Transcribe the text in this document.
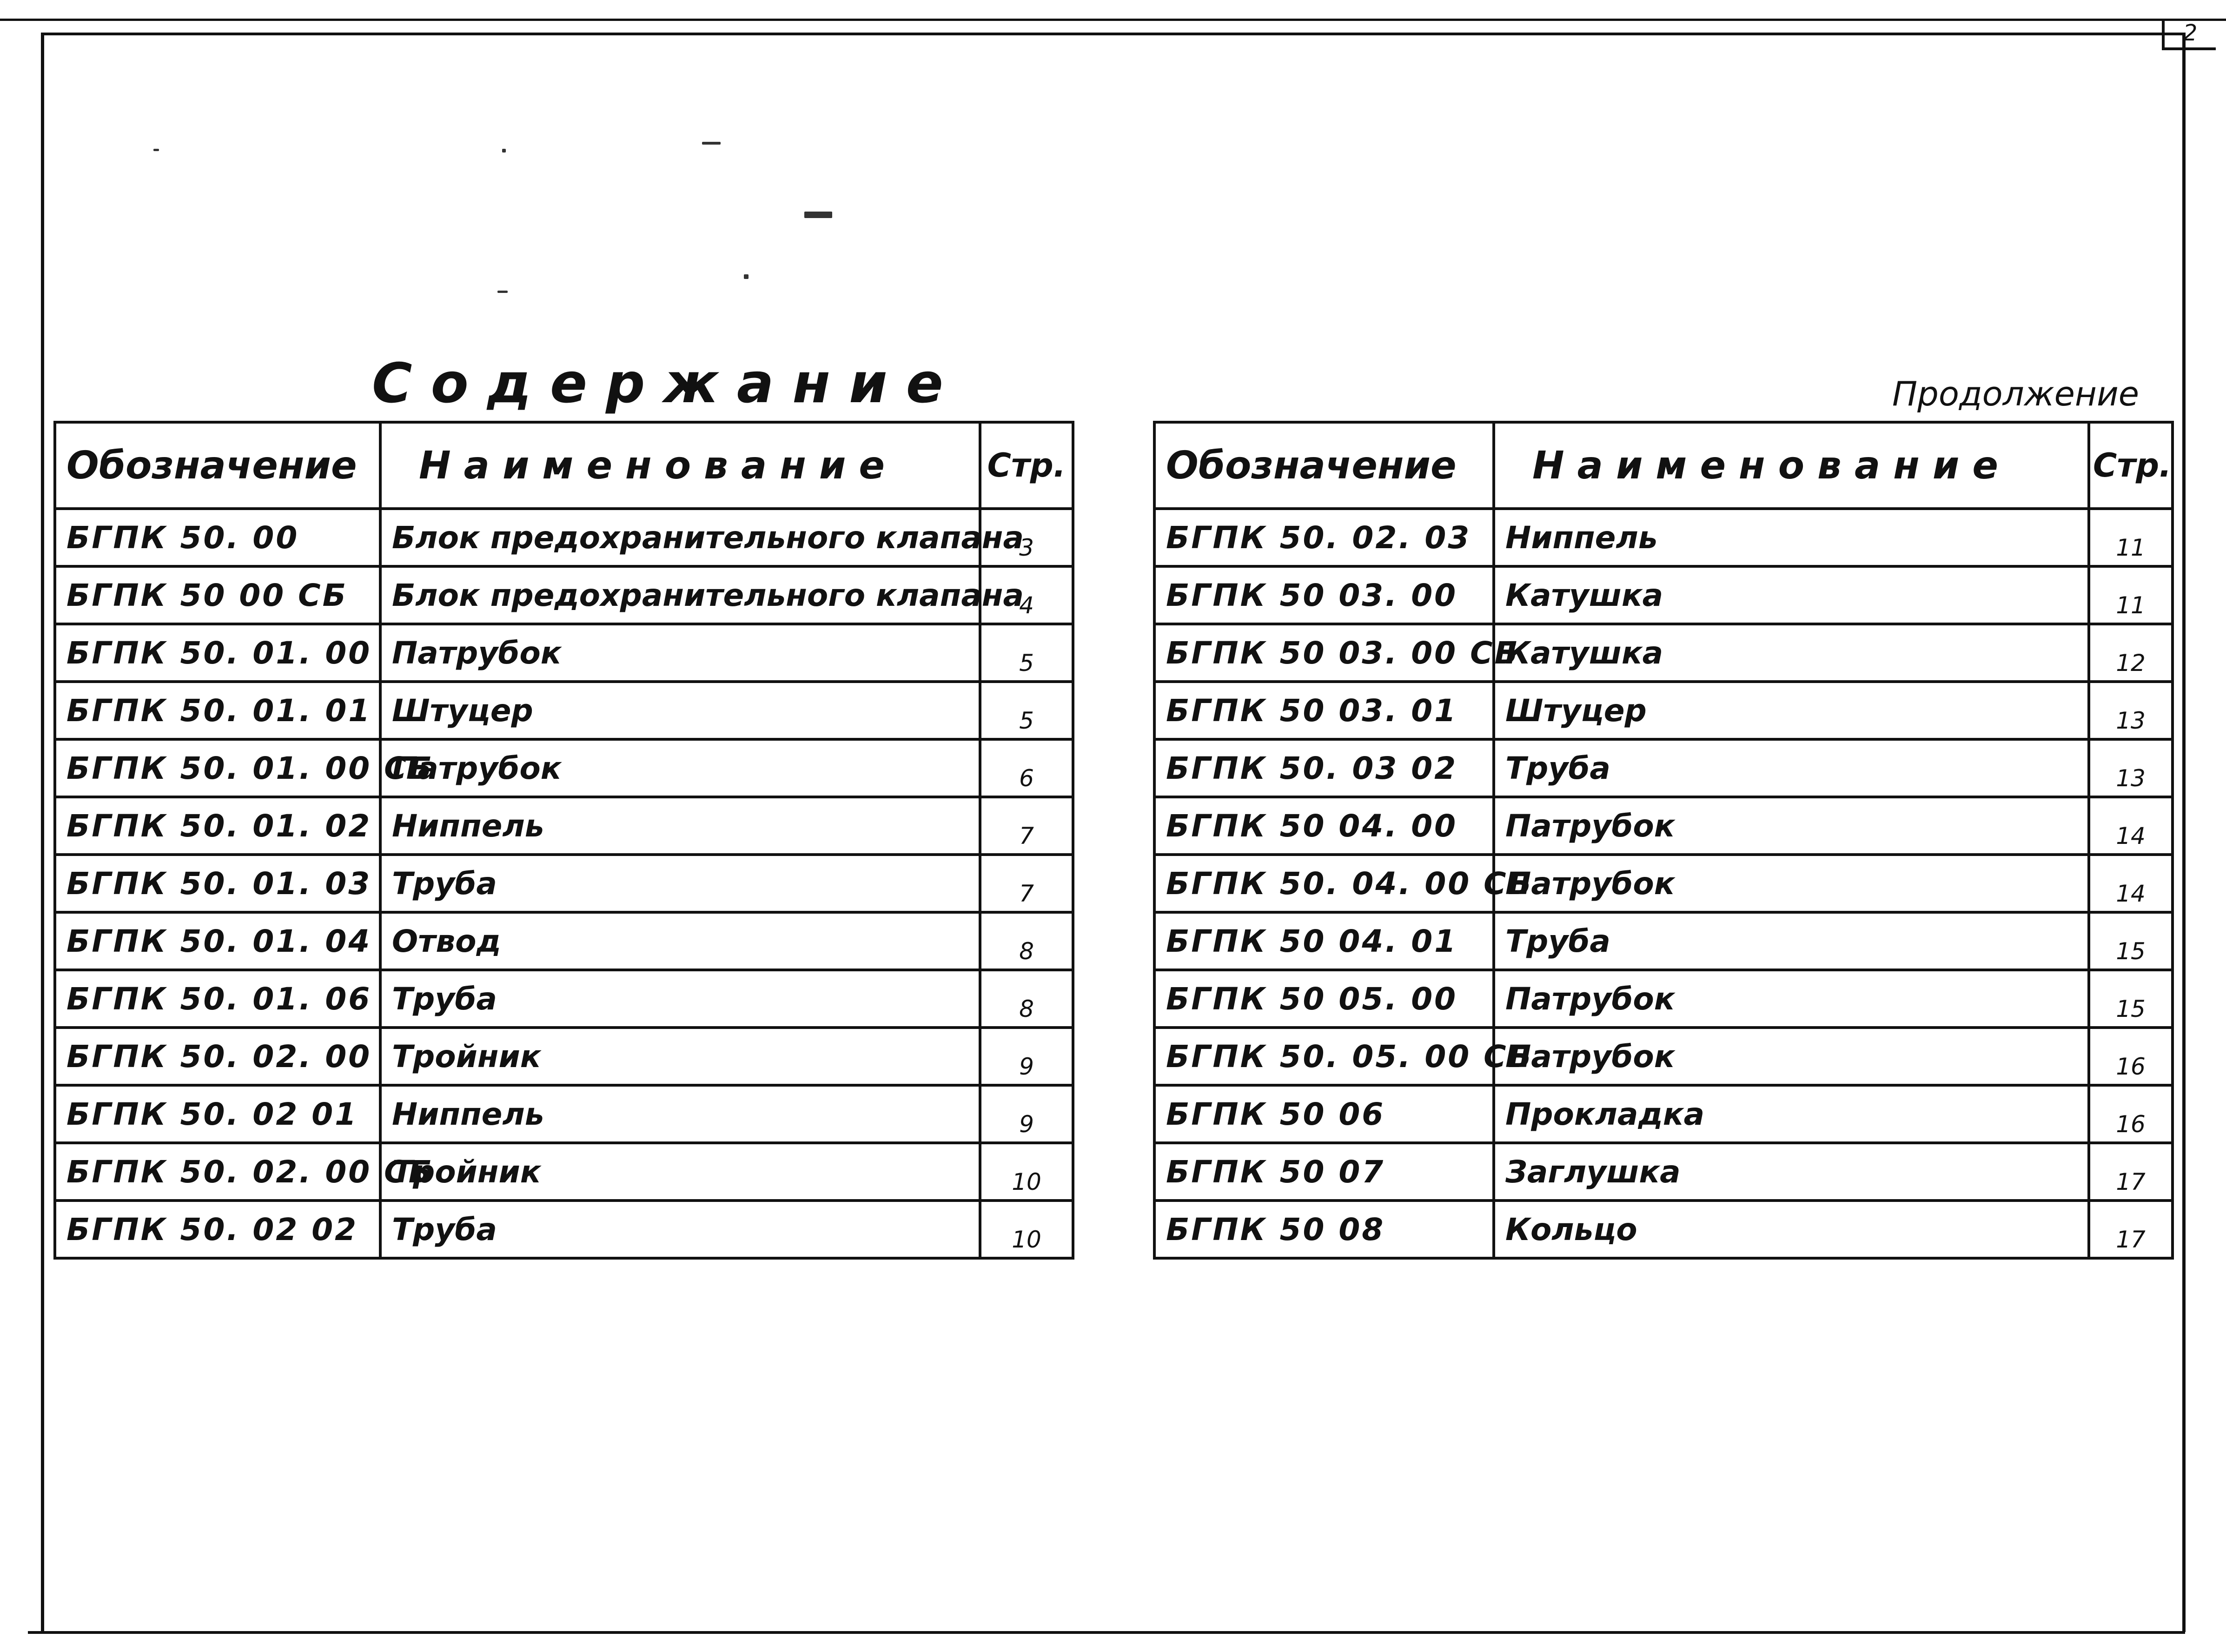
2
Содержание	Продолжение
Обозначение	Наименование	Стр.
БГПК 50. 00	Блок предохранительного клапана	3
БГПК 50 00 СБ	Блок предохранительного клапана	4
БГПК 50. 01. 00	Патрубок	5
БГПК 50. 01. 01	Штуцер	5
БГПК 50. 01. 00 СБ	Патрубок	6
БГПК 50. 01. 02	Ниппель	7
БГПК 50. 01. 03	Труба	7
БГПК 50. 01. 04	Отвод	8
БГПК 50. 01. 06	Труба	8
БГПК 50. 02. 00	Тройник	9
БГПК 50. 02 01	Ниппель	9
БГПК 50. 02. 00 СБ	Тройник	10
БГПК 50. 02 02	Труба	10
Обозначение	Наименование	Стр.
БГПК 50. 02. 03	Ниппель	11
БГПК 50 03. 00	Катушка	11
БГПК 50 03. 00 СБ	Катушка	12
БГПК 50 03. 01	Штуцер	13
БГПК 50. 03 02	Труба	13
БГПК 50 04. 00	Патрубок	14
БГПК 50. 04. 00 СБ	Патрубок	14
БГПК 50 04. 01	Труба	15
БГПК 50 05. 00	Патрубок	15
БГПК 50. 05. 00 СБ	Патрубок	16
БГПК 50 06	Прокладка	16
БГПК 50 07	Заглушка	17
БГПК 50 08	Кольцо	17
